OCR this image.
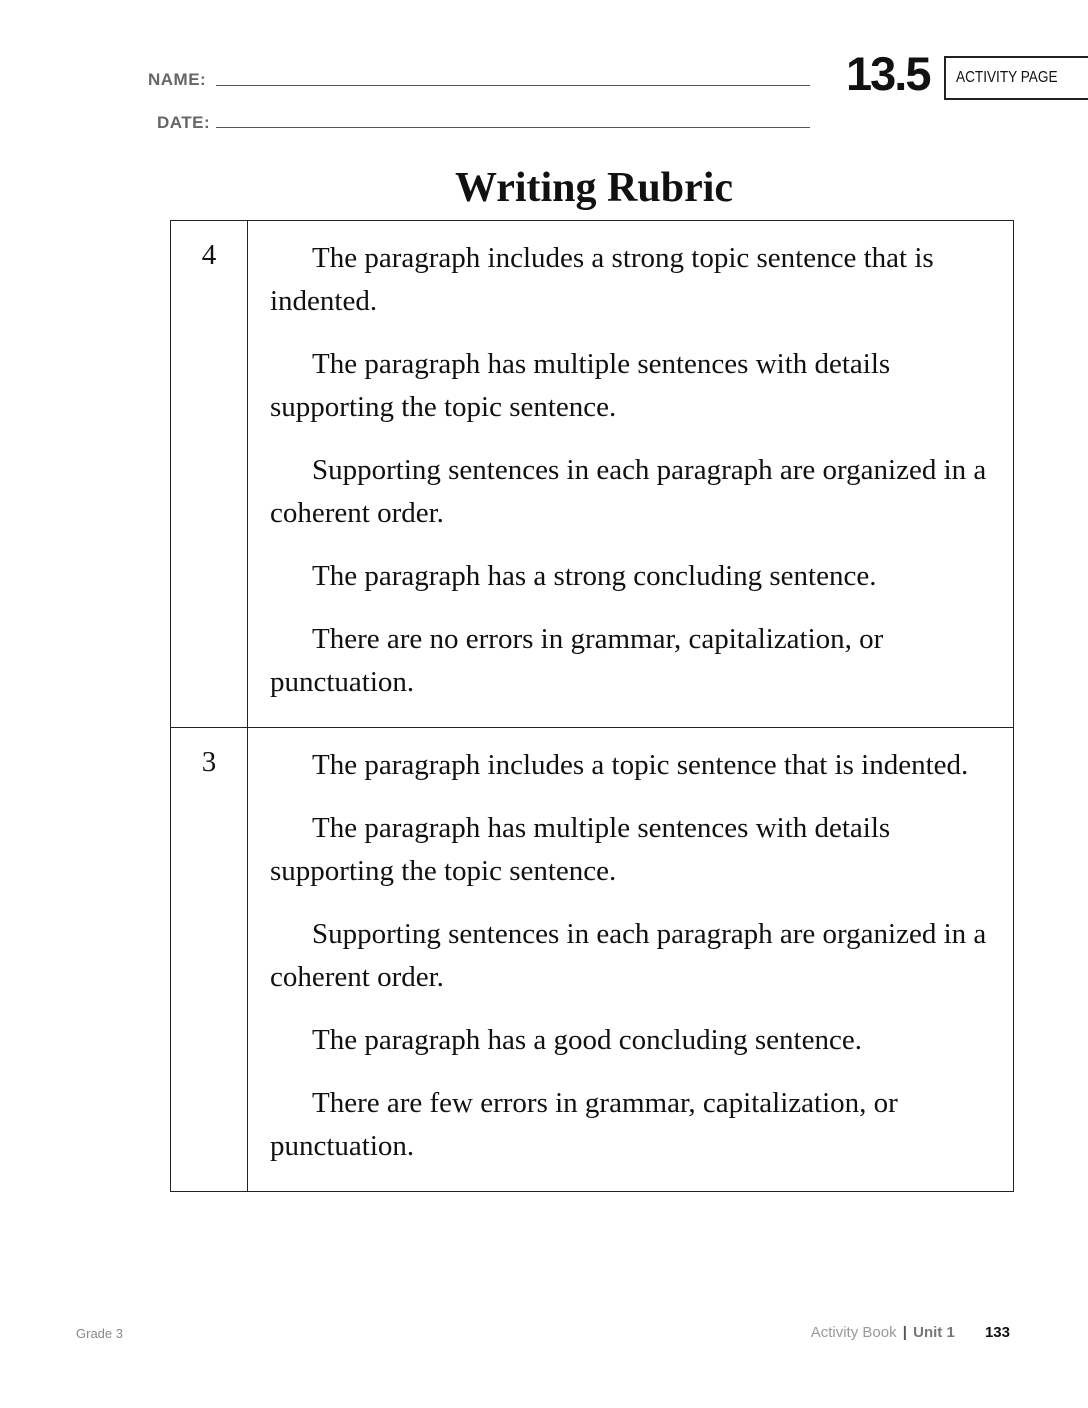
NAME:
DATE:
13.5 ACTIVITY PAGE
Writing Rubric
4	The paragraph includes a strong topic sentence that is indented.

The paragraph has multiple sentences with details supporting the topic sentence.

Supporting sentences in each paragraph are organized in a coherent order.

The paragraph has a strong concluding sentence.

There are no errors in grammar, capitalization, or punctuation.

3	The paragraph includes a topic sentence that is indented.

The paragraph has multiple sentences with details supporting the topic sentence.

Supporting sentences in each paragraph are organized in a coherent order.

The paragraph has a good concluding sentence.

There are few errors in grammar, capitalization, or punctuation.

Grade 3	Activity Book | Unit 1 133
